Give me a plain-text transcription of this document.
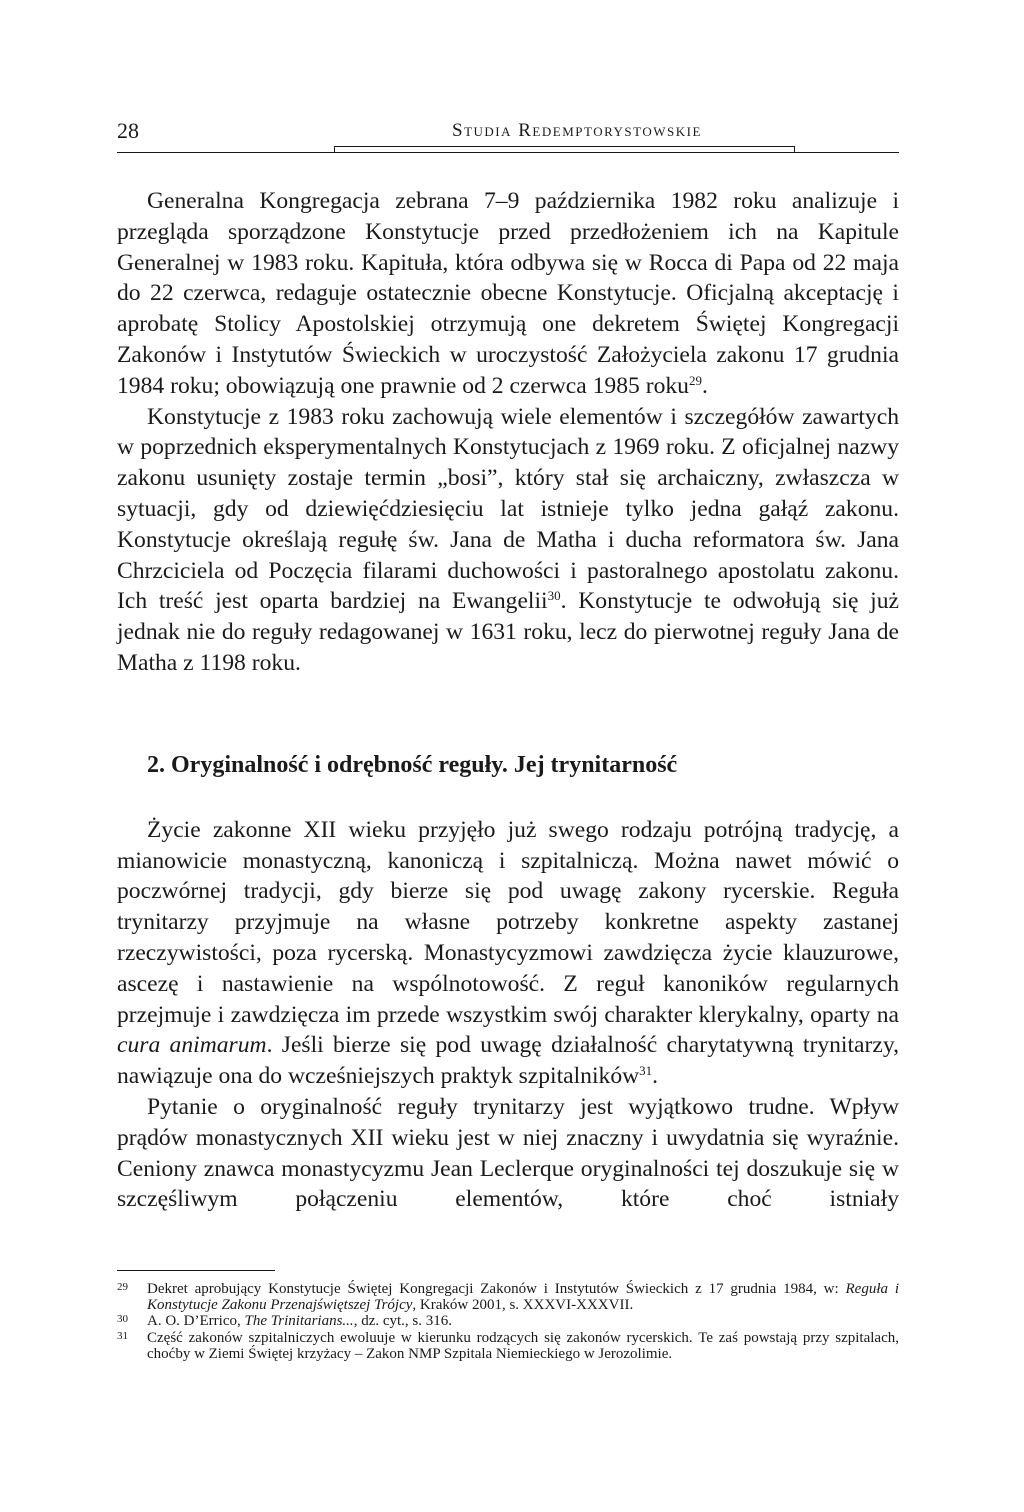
28	Studia Redemptorystowskie

Generalna Kongregacja zebrana 7–9 października 1982 roku analizuje i przegląda sporządzone Konstytucje przed przedłożeniem ich na Kapitule Generalnej w 1983 roku. Kapituła, która odbywa się w Rocca di Papa od 22 maja do 22 czerwca, redaguje ostatecznie obecne Konstytucje. Oficjalną akceptację i aprobatę Stolicy Apostolskiej otrzymują one dekretem Świętej Kongregacji Zakonów i Instytutów Świeckich w uroczystość Założyciela zakonu 17 grudnia 1984 roku; obowiązują one prawnie od 2 czerwca 1985 roku$^{29}$.

Konstytucje z 1983 roku zachowują wiele elementów i szczegółów zawartych w poprzednich eksperymentalnych Konstytucjach z 1969 roku. Z oficjalnej nazwy zakonu usunięty zostaje termin „bosi”, który stał się archaiczny, zwłaszcza w sytuacji, gdy od dziewięćdziesięciu lat istnieje tylko jedna gałąź zakonu. Konstytucje określają regułę św. Jana de Matha i ducha reformatora św. Jana Chrzciciela od Poczęcia filarami duchowości i pastoralnego apostolatu zakonu. Ich treść jest oparta bardziej na Ewangelii$^{30}$. Konstytucje te odwołują się już jednak nie do reguły redagowanej w 1631 roku, lecz do pierwotnej reguły Jana de Matha z 1198 roku.

2. Oryginalność i odrębność reguły. Jej trynitarność

Życie zakonne XII wieku przyjęło już swego rodzaju potrójną tradycję, a mianowicie monastyczną, kanoniczą i szpitalniczą. Można nawet mówić o poczwórnej tradycji, gdy bierze się pod uwagę zakony rycerskie. Reguła trynitarzy przyjmuje na własne potrzeby konkretne aspekty zastanej rzeczywistości, poza rycerską. Monastycyzmowi zawdzięcza życie klauzurowe, ascezę i nastawienie na wspólnotowość. Z reguł kanoników regularnych przejmuje i zawdzięcza im przede wszystkim swój charakter klerykalny, oparty na cura animarum. Jeśli bierze się pod uwagę działalność charytatywną trynitarzy, nawiązuje ona do wcześniejszych praktyk szpitalników$^{31}$.

Pytanie o oryginalność reguły trynitarzy jest wyjątkowo trudne. Wpływ prądów monastycznych XII wieku jest w niej znaczny i uwydatnia się wyraźnie. Ceniony znawca monastycyzmu Jean Leclerque oryginalności tej doszukuje się w szczęśliwym połączeniu elementów, które choć istniały

29 Dekret aprobujący Konstytucje Świętej Kongregacji Zakonów i Instytutów Świeckich z 17 grudnia 1984, w: Reguła i Konstytucje Zakonu Przenajświętszej Trójcy, Kraków 2001, s. XXXVI-XXXVII.

30 A. O. D’Errico, The Trinitarians..., dz. cyt., s. 316.

31 Część zakonów szpitalniczych ewoluuje w kierunku rodzących się zakonów rycerskich. Te zaś powstają przy szpitalach, choćby w Ziemi Świętej krzyżacy – Zakon NMP Szpitala Niemieckiego w Jerozolimie.
